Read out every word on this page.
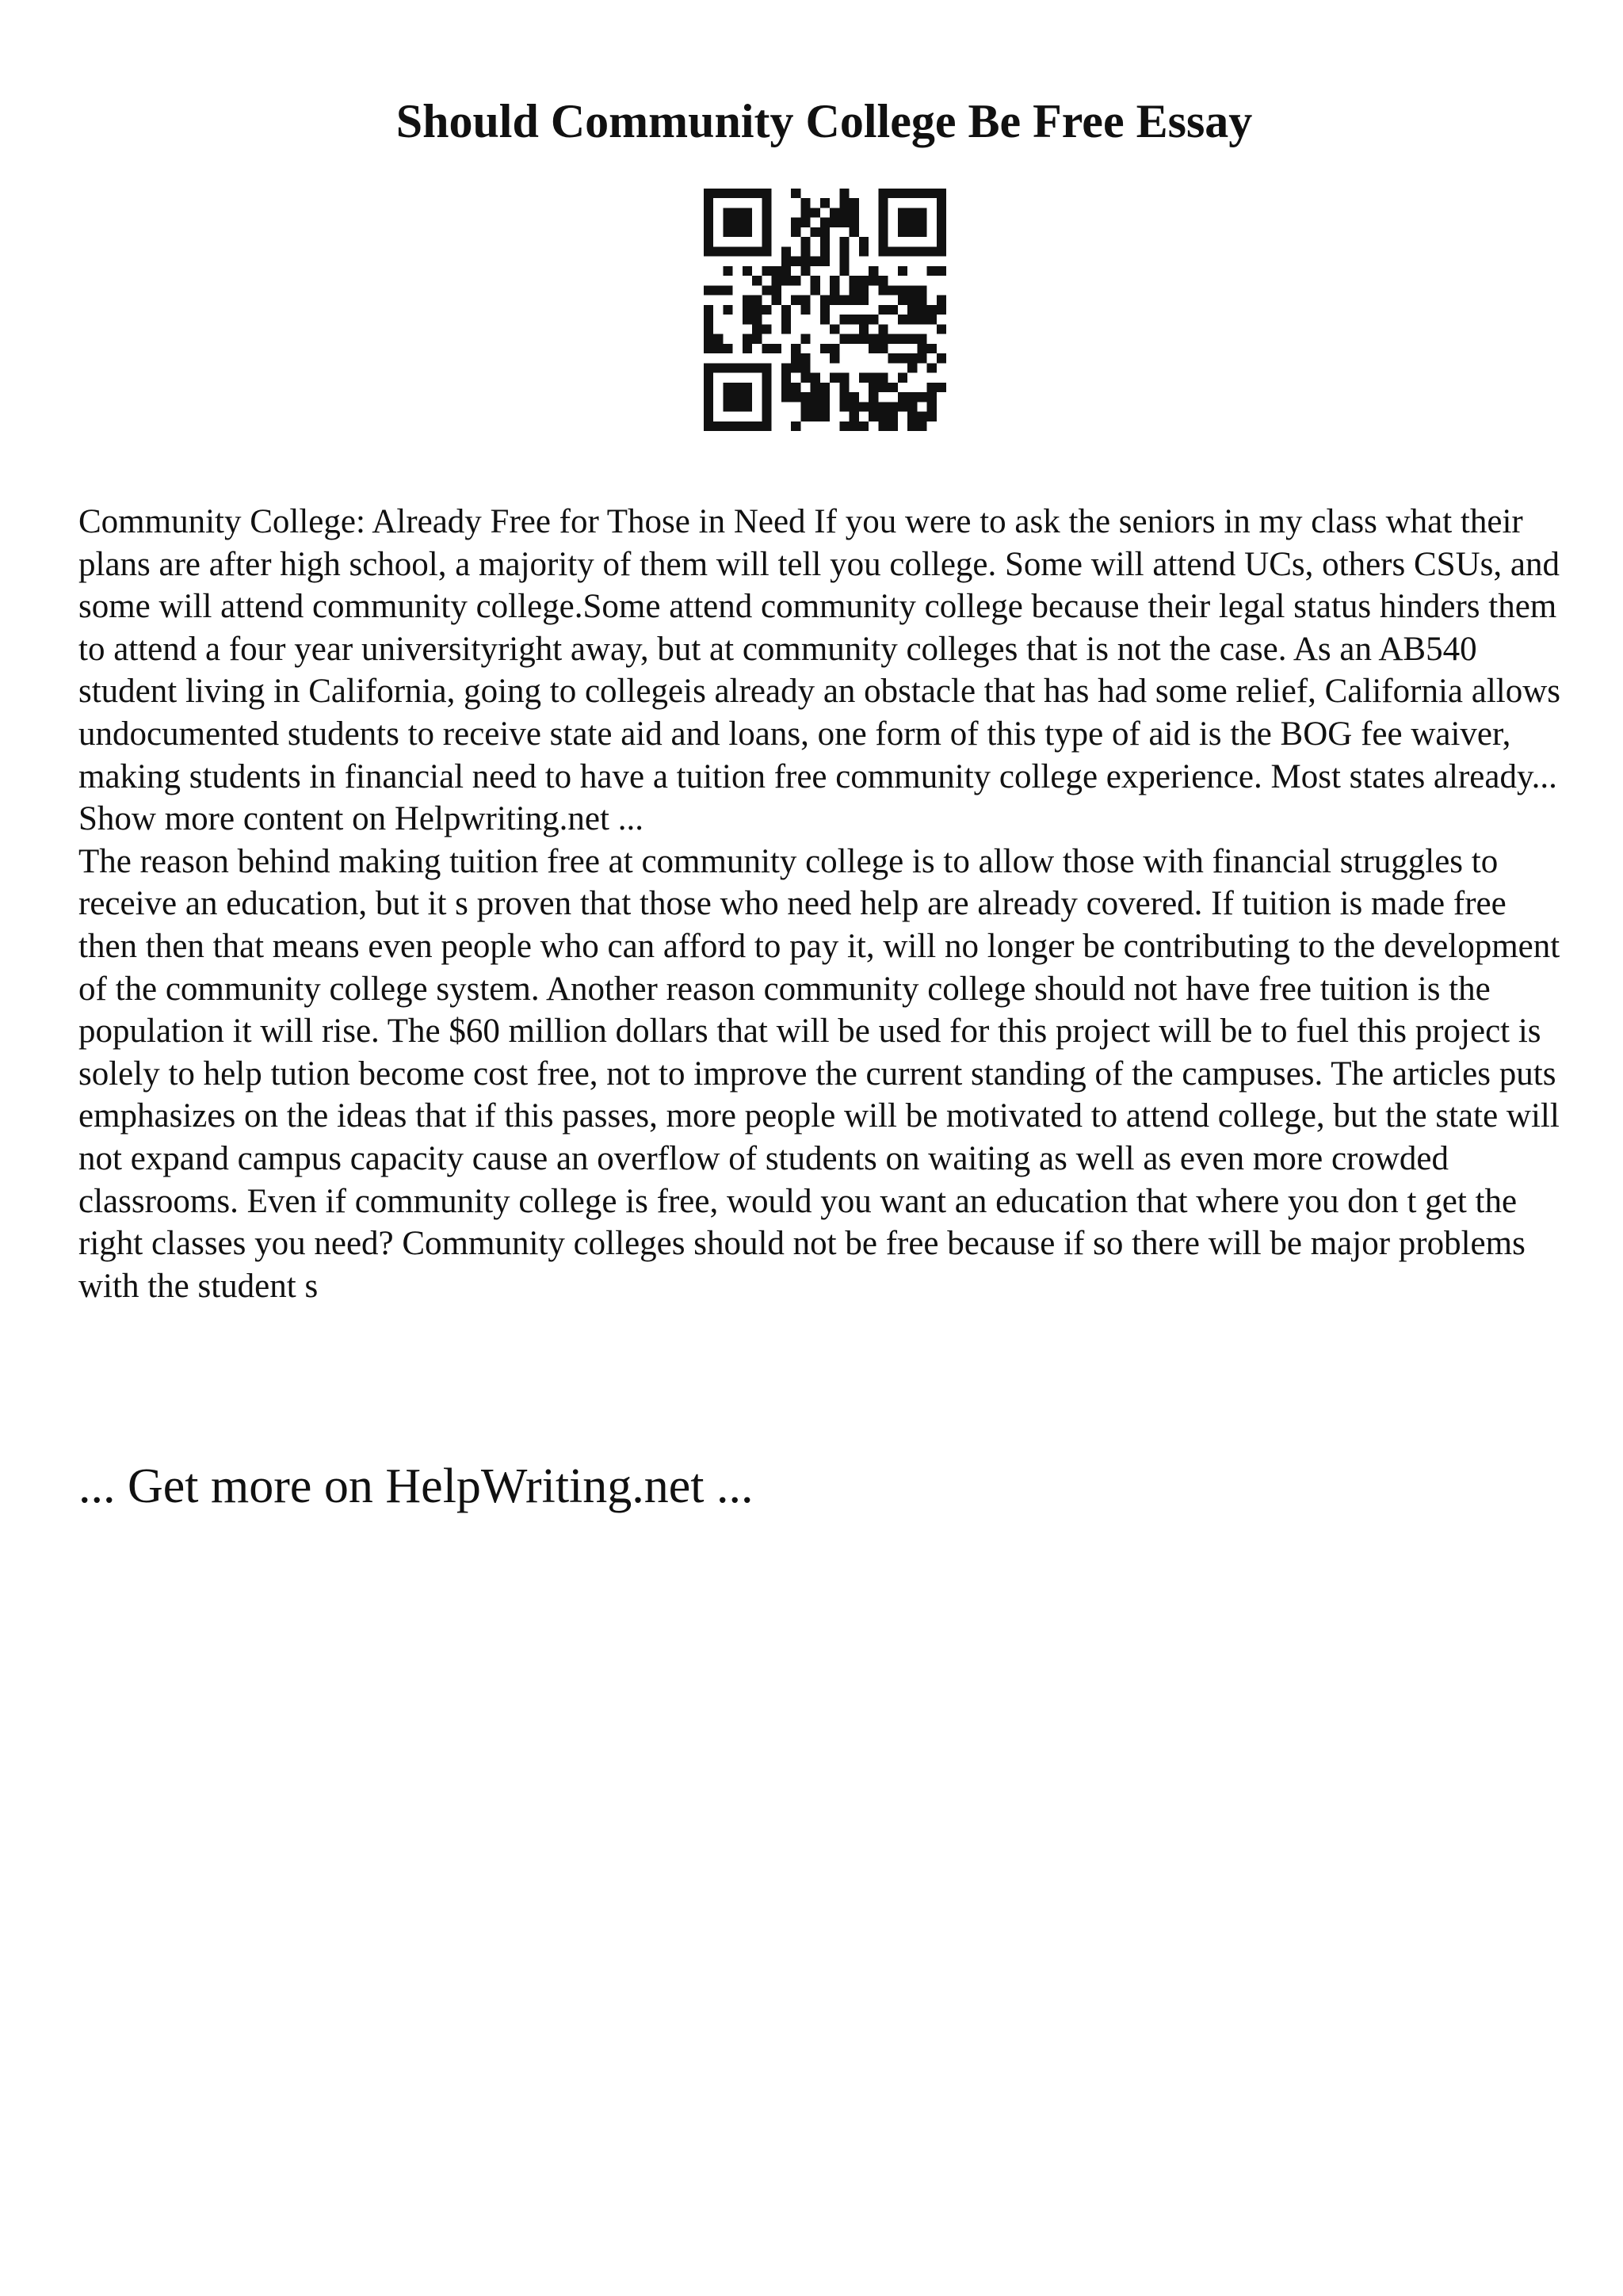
Should Community College Be Free Essay

Community College: Already Free for Those in Need If you were to ask the seniors in my class what their plans are after high school, a majority of them will tell you college. Some will attend UCs, others CSUs, and some will attend community college.Some attend community college because their legal status hinders them to attend a four year universityright away, but at community colleges that is not the case. As an AB540 student living in California, going to collegeis already an obstacle that has had some relief, California allows undocumented students to receive state aid and loans, one form of this type of aid is the BOG fee waiver, making students in financial need to have a tuition free community college experience. Most states already... Show more content on Helpwriting.net ...

The reason behind making tuition free at community college is to allow those with financial struggles to receive an education, but it s proven that those who need help are already covered. If tuition is made free then then that means even people who can afford to pay it, will no longer be contributing to the development of the community college system. Another reason community college should not have free tuition is the population it will rise. The $60 million dollars that will be used for this project will be to fuel this project is solely to help tution become cost free, not to improve the current standing of the campuses. The articles puts emphasizes on the ideas that if this passes, more people will be motivated to attend college, but the state will not expand campus capacity cause an overflow of students on waiting as well as even more crowded classrooms. Even if community college is free, would you want an education that where you don t get the right classes you need? Community colleges should not be free because if so there will be major problems with the student s

... Get more on HelpWriting.net ...
